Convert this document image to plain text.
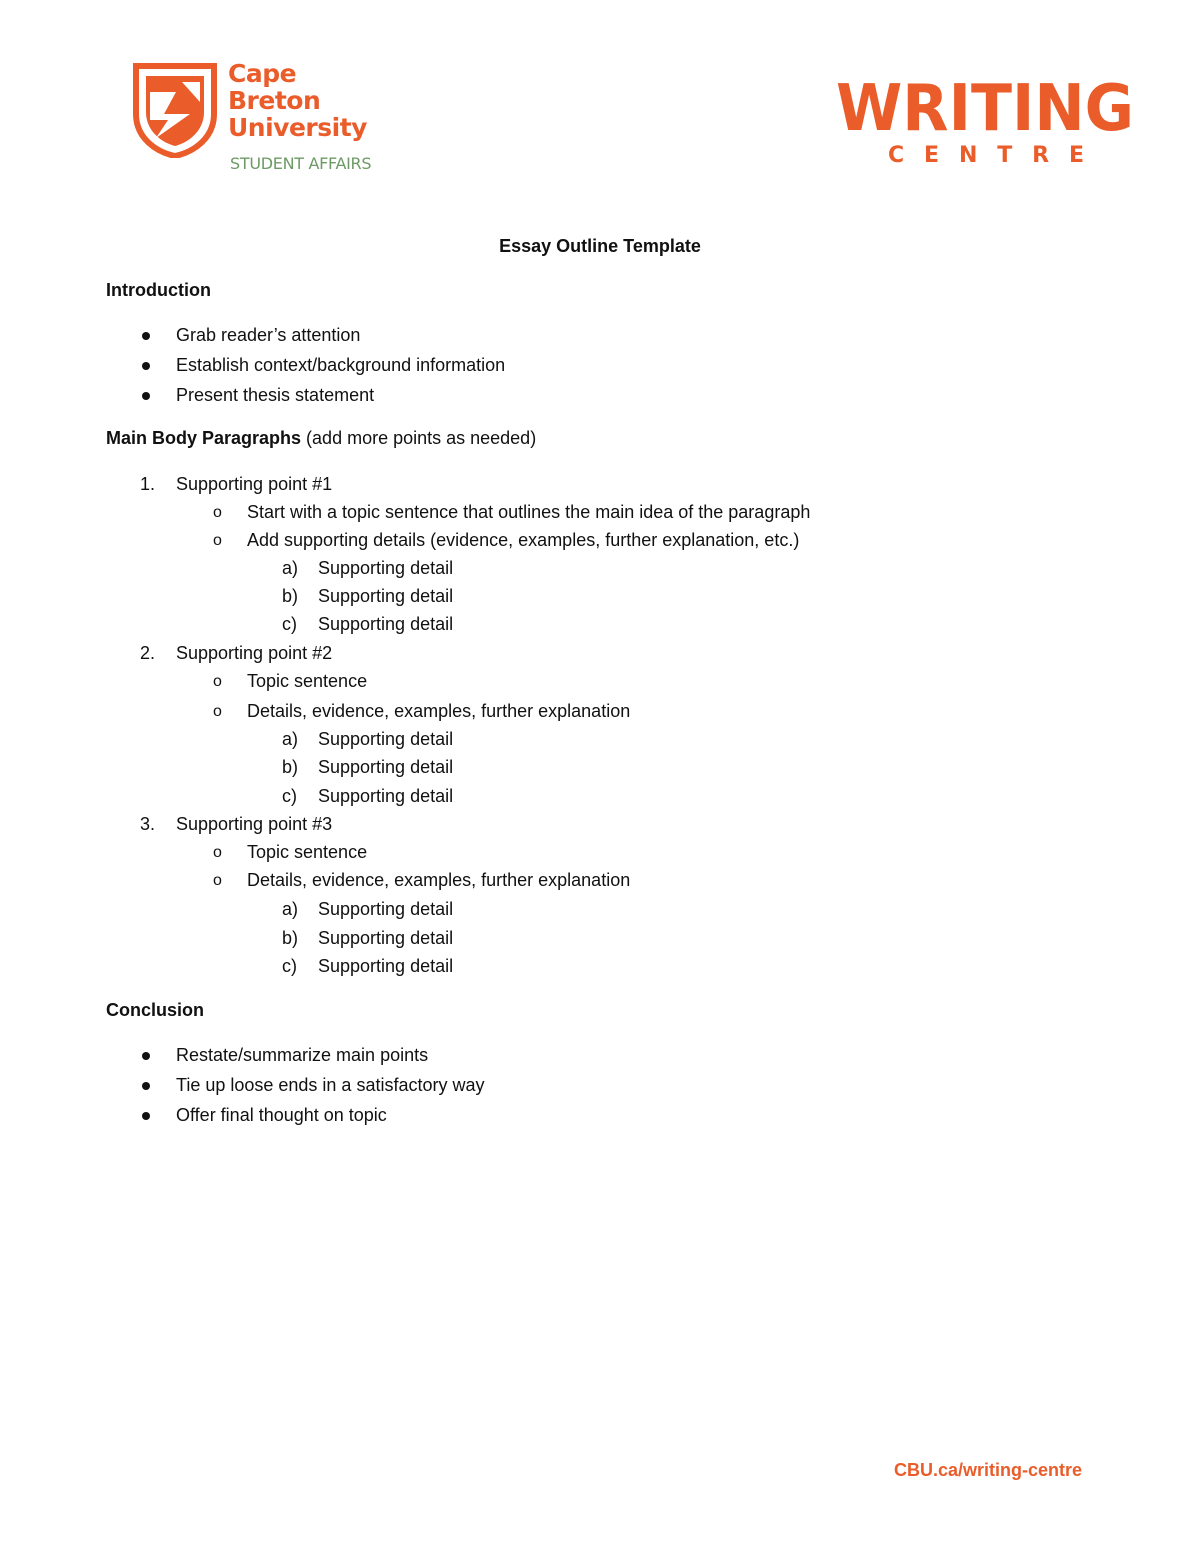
Cape
Breton
University
STUDENT AFFAIRS
WRITING
CENTRE
Essay Outline Template
Introduction
Grab reader’s attention
Establish context/background information
Present thesis statement
Main Body Paragraphs (add more points as needed)
1. Supporting point #1
o Start with a topic sentence that outlines the main idea of the paragraph
o Add supporting details (evidence, examples, further explanation, etc.)
a) Supporting detail
b) Supporting detail
c) Supporting detail
2. Supporting point #2
o Topic sentence
o Details, evidence, examples, further explanation
a) Supporting detail
b) Supporting detail
c) Supporting detail
3. Supporting point #3
o Topic sentence
o Details, evidence, examples, further explanation
a) Supporting detail
b) Supporting detail
c) Supporting detail
Conclusion
Restate/summarize main points
Tie up loose ends in a satisfactory way
Offer final thought on topic
CBU.ca/writing-centre
